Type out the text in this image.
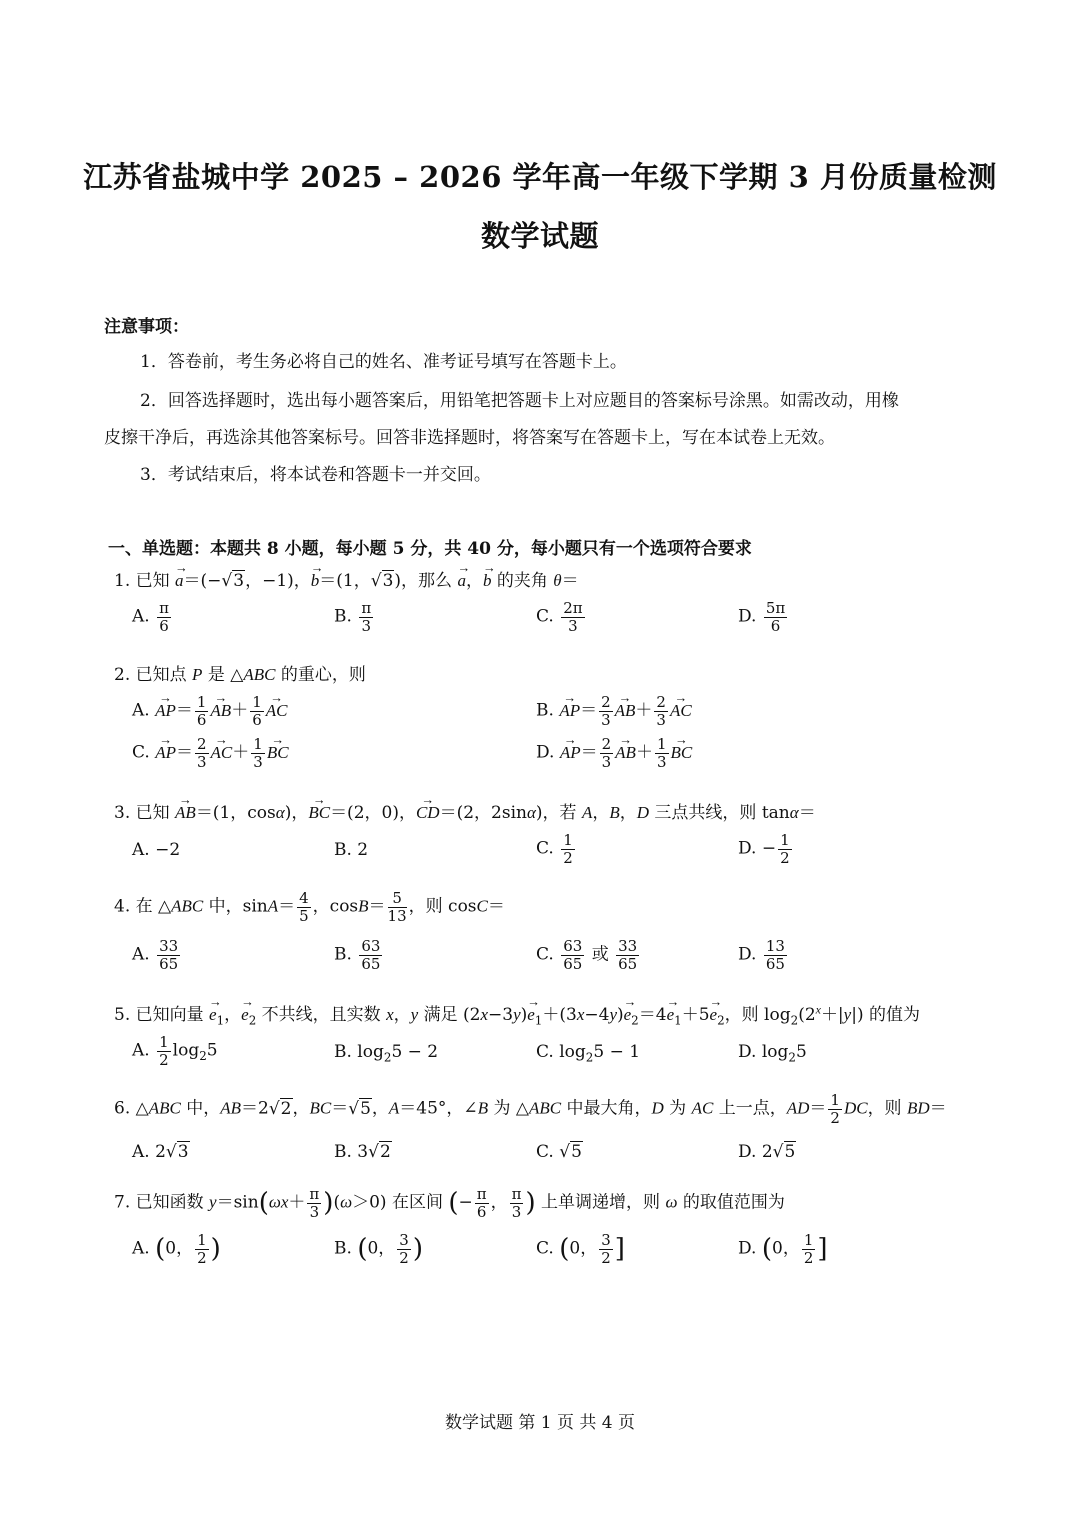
江苏省盐城中学 2025 – 2026 学年高一年级下学期 3 月份质量检测
数学试题
注意事项：
1．答卷前，考生务必将自己的姓名、准考证号填写在答题卡上。
2．回答选择题时，选出每小题答案后，用铅笔把答题卡上对应题目的答案标号涂黑。如需改动，用橡
皮擦干净后，再选涂其他答案标号。回答非选择题时，将答案写在答题卡上，写在本试卷上无效。
3．考试结束后，将本试卷和答题卡一并交回。
一、单选题：本题共 8 小题，每小题 5 分，共 40 分，每小题只有一个选项符合要求
1. 已知 → a＝(−√3，−1)，→ b＝(1，√3)，那么 → a，→ b 的夹角 θ＝
A. $\frac{\pi}{6}$	B. $\frac{\pi}{3}$	C. $\frac{2\pi}{3}$	D. $\frac{5\pi}{6}$
2. 已知点 P 是 △ABC 的重心，则
A. → $AP= \frac{1}{6}$
→ $AB+ \frac{1}{6}$
→ AC	B. → $AP= \frac{2}{3}$
→ $AB+ \frac{2}{3}$
→ AC
C. → $AP= \frac{2}{3}$
→ $AC+ \frac{1}{3}$
→ BC	D. → $AP= \frac{2}{3}$
→ $AB+ \frac{1}{3}$
→ BC
3. 已知 → AB＝(1，cosα)，→ BC＝(2，0)，→ CD＝(2，2sinα)，若 A，B，D 三点共线，则 tanα＝
A. −2	B. 2	C. $\frac{1}{2}$	D. − $\frac{1}{2}$
4. 在 △ABC 中，$\sin A= \frac{4}{5}$ ，$\cos B= \frac{5}{13}$ ，则 cosC＝
A. $\frac{33}{65}$	B. $\frac{63}{65}$	C. $\frac{63}{65}$ 或 $\frac{33}{65}$	D. $\frac{13}{65}$
5. 已知向量 → $e_1$，→ $e_2$ 不共线，且实数 x，y 满足 $(2x-3y)\to e_1+(3x-4y)\to e_2=4\to e_1+5\to e_2$，则 $\log_2(2^x+|y|)$ 的值为
A. $\frac{1}{2} \log_25$	B. $\log_25 - 2$	C. $\log_25 - 1$	D. $\log_25$
6. △ABC 中，AB＝2√2，BC＝√5，A＝45°，∠B 为 △ABC 中最大角，D 为 AC 上一点，$AD= \frac{1}{2}$ DC，则 BD＝
A. 2√3	B. 3√2	C. √5	D. 2√5
7. 已知函数 $y=\sin(\omega x+ \frac{\pi}{3} )(\omega>0)$ 在区间 (− $\frac{\pi}{6}$ ， $\frac{\pi}{3}$ ) 上单调递增，则 ω 的取值范围为
A. (0， $\frac{1}{2}$ )	B. (0， $\frac{3}{2}$ )	C. (0， $\frac{3}{2}$ ]	D. (0， $\frac{1}{2}$ ]
数学试题 第 1 页 共 4 页
